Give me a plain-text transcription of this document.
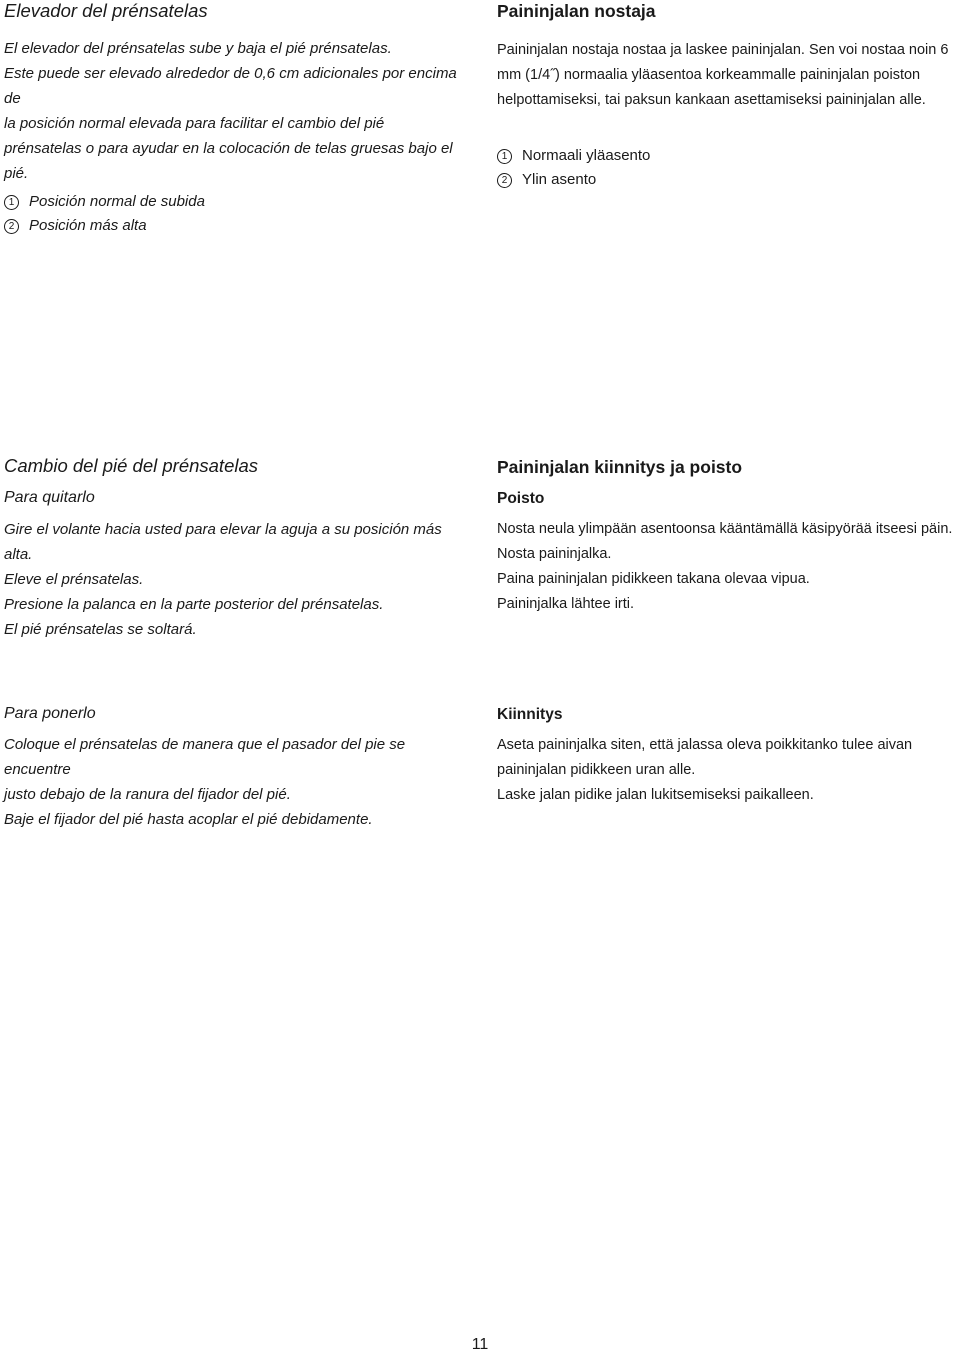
Elevador del prénsatelas

El elevador del prénsatelas sube y baja el pié prénsatelas.

Este puede ser elevado alrededor de 0,6 cm adicionales por encima de

la posición normal elevada para facilitar el cambio del pié

prénsatelas o para ayudar en la colocación de telas gruesas bajo el

pié.

1 Posición normal de subida
2 Posición más alta
Paininjalan nostaja

Paininjalan nostaja nostaa ja laskee paininjalan. Sen voi nostaa noin 6

mm (1/4˝) normaalia yläasentoa korkeammalle paininjalan poiston

helpottamiseksi, tai paksun kankaan asettamiseksi paininjalan alle.

1 Normaali yläasento
2 Ylin asento
Cambio del pié del prénsatelas
Para quitarlo

Gire el volante hacia usted para elevar la aguja a su posición más

alta.

Eleve el prénsatelas.

Presione la palanca en la parte posterior del prénsatelas.

El pié prénsatelas se soltará.

Paininjalan kiinnitys ja poisto
Poisto

Nosta neula ylimpään asentoonsa kääntämällä käsipyörää itseesi päin.

Nosta paininjalka.

Paina paininjalan pidikkeen takana olevaa vipua.

Paininjalka lähtee irti.

Para ponerlo

Coloque el prénsatelas de manera que el pasador del pie se encuentre

justo debajo de la ranura del fijador del pié.

Baje el fijador del pié hasta acoplar el pié debidamente.

Kiinnitys

Aseta paininjalka siten, että jalassa oleva poikkitanko tulee aivan

paininjalan pidikkeen uran alle.

Laske jalan pidike jalan lukitsemiseksi paikalleen.

11
